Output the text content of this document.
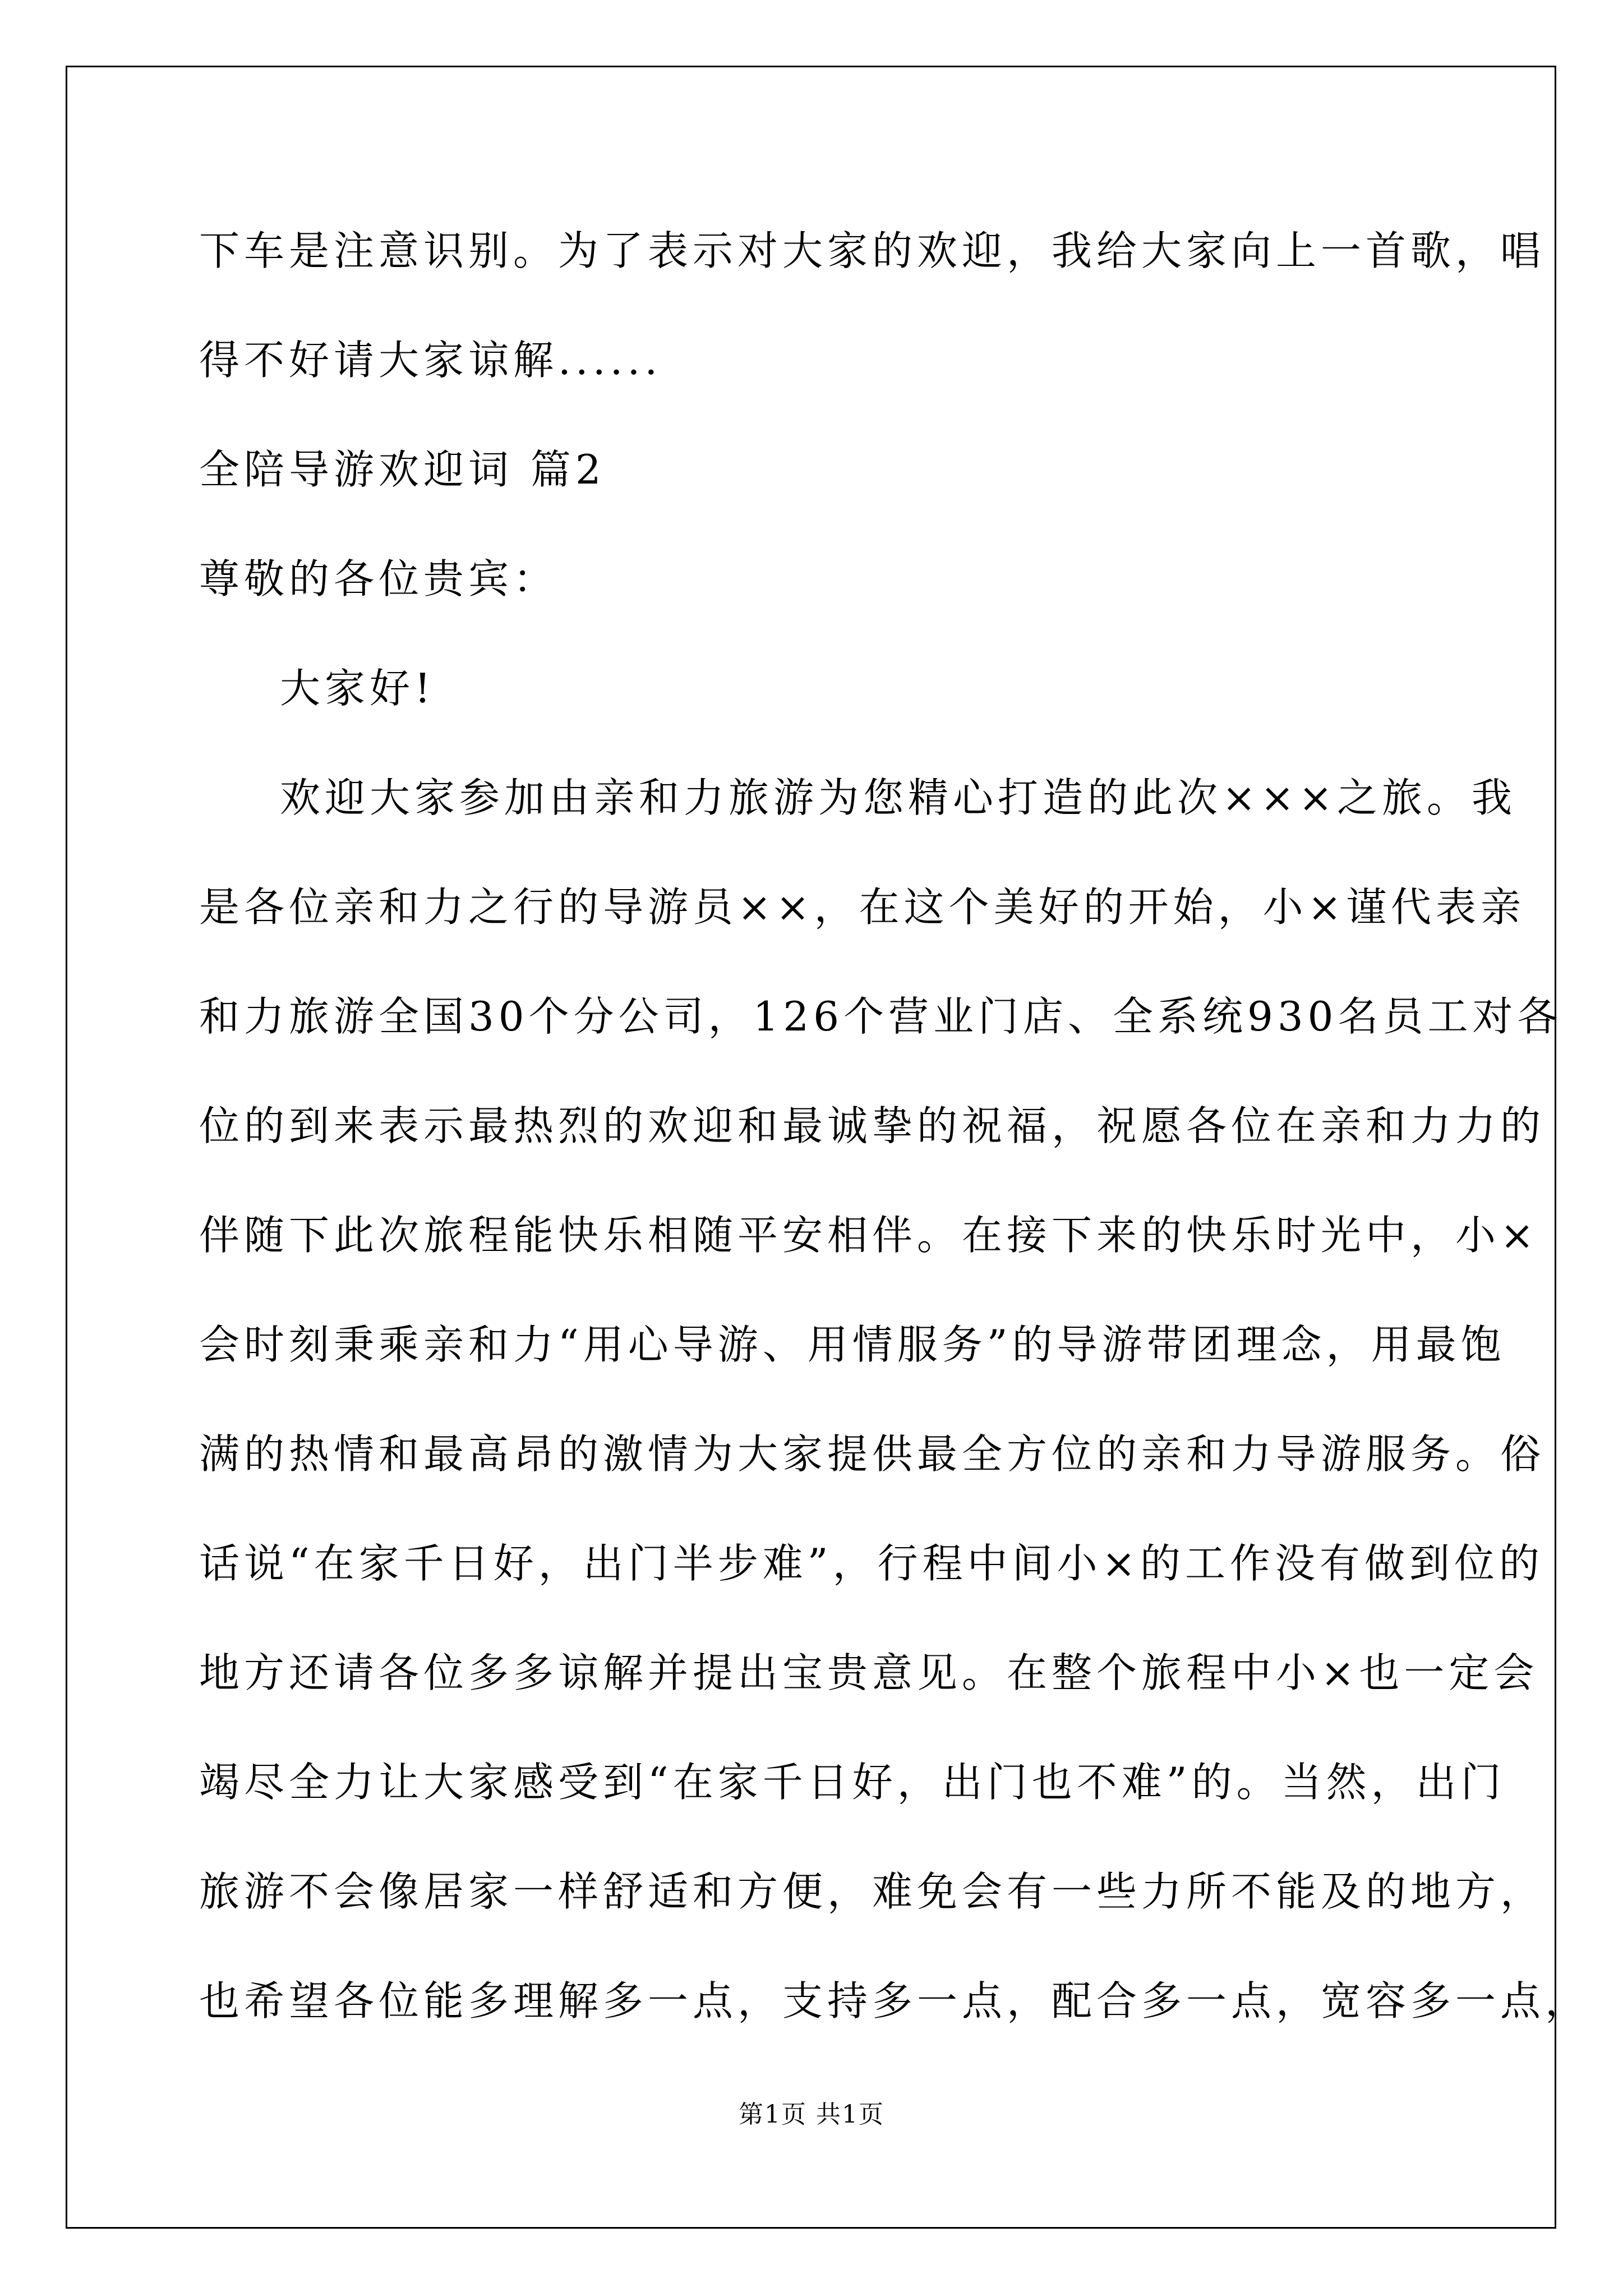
下车是注意识别。为了表示对大家的欢迎，我给大家向上一首歌，唱
得不好请大家谅解......
全陪导游欢迎词 篇2
尊敬的各位贵宾：
大家好!
欢迎大家参加由亲和力旅游为您精心打造的此次×××之旅。我
是各位亲和力之行的导游员××，在这个美好的开始，小×谨代表亲
和力旅游全国30个分公司，126个营业门店、全系统930名员工对各
位的到来表示最热烈的欢迎和最诚挚的祝福，祝愿各位在亲和力力的
伴随下此次旅程能快乐相随平安相伴。在接下来的快乐时光中，小×
会时刻秉乘亲和力“用心导游、用情服务”的导游带团理念，用最饱
满的热情和最高昂的激情为大家提供最全方位的亲和力导游服务。俗
话说“在家千日好，出门半步难”，行程中间小×的工作没有做到位的
地方还请各位多多谅解并提出宝贵意见。在整个旅程中小×也一定会
竭尽全力让大家感受到“在家千日好，出门也不难”的。当然，出门
旅游不会像居家一样舒适和方便，难免会有一些力所不能及的地方，
也希望各位能多理解多一点，支持多一点，配合多一点，宽容多一点，
第1页 共1页
